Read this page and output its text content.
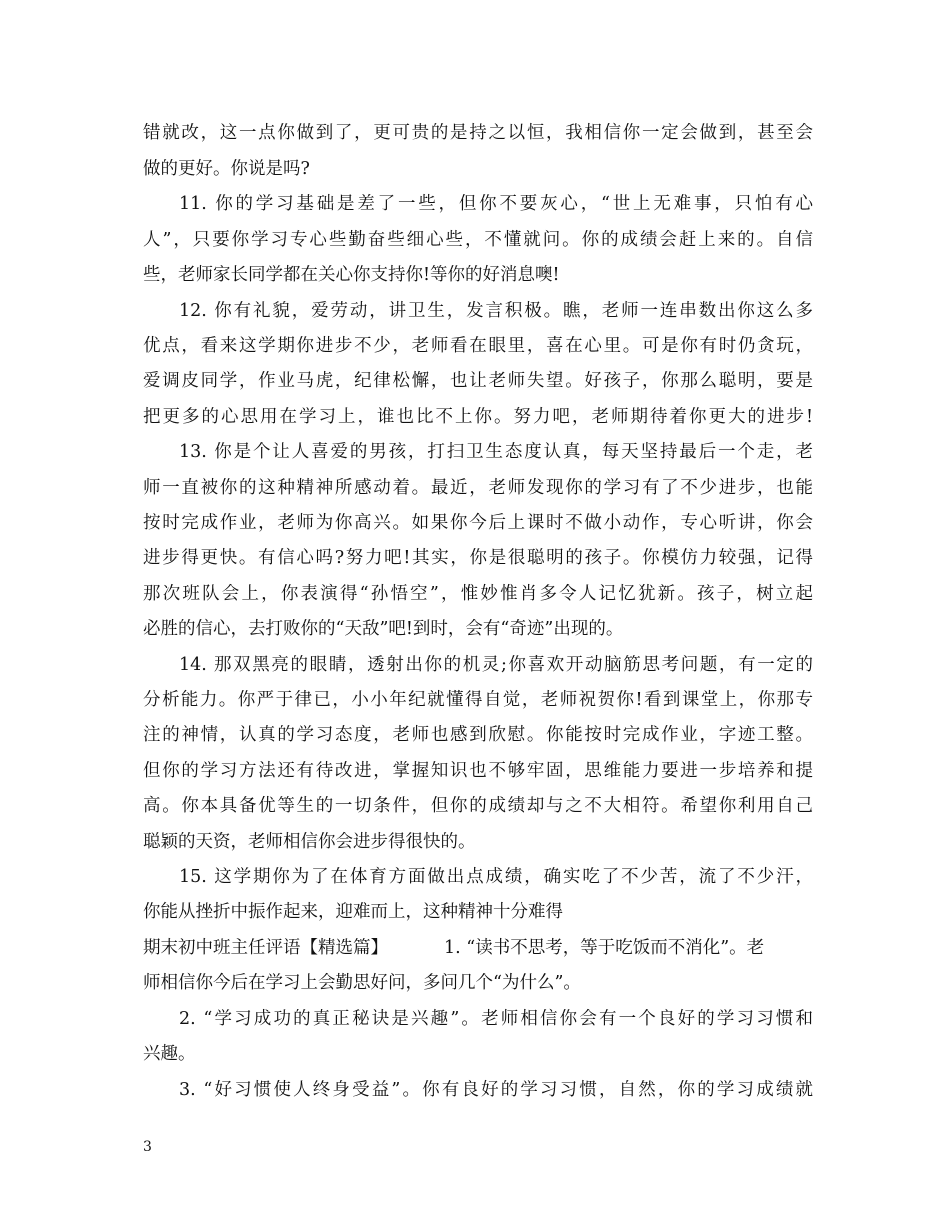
错就改，这一点你做到了，更可贵的是持之以恒，我相信你一定会做到，甚至会
做的更好。你说是吗?
11. 你的学习基础是差了一些，但你不要灰心，“世上无难事，只怕有心
人”，只要你学习专心些勤奋些细心些，不懂就问。你的成绩会赶上来的。自信
些，老师家长同学都在关心你支持你!等你的好消息噢!
12. 你有礼貌，爱劳动，讲卫生，发言积极。瞧，老师一连串数出你这么多
优点，看来这学期你进步不少，老师看在眼里，喜在心里。可是你有时仍贪玩，
爱调皮同学，作业马虎，纪律松懈，也让老师失望。好孩子，你那么聪明，要是
把更多的心思用在学习上，谁也比不上你。努力吧，老师期待着你更大的进步!
13. 你是个让人喜爱的男孩，打扫卫生态度认真，每天坚持最后一个走，老
师一直被你的这种精神所感动着。最近，老师发现你的学习有了不少进步，也能
按时完成作业，老师为你高兴。如果你今后上课时不做小动作，专心听讲，你会
进步得更快。有信心吗?努力吧!其实，你是很聪明的孩子。你模仿力较强，记得
那次班队会上，你表演得“孙悟空”，惟妙惟肖多令人记忆犹新。孩子，树立起
必胜的信心，去打败你的“天敌”吧!到时，会有“奇迹”出现的。
14. 那双黑亮的眼睛，透射出你的机灵;你喜欢开动脑筋思考问题，有一定的
分析能力。你严于律已，小小年纪就懂得自觉，老师祝贺你!看到课堂上，你那专
注的神情，认真的学习态度，老师也感到欣慰。你能按时完成作业，字迹工整。
但你的学习方法还有待改进，掌握知识也不够牢固，思维能力要进一步培养和提
高。你本具备优等生的一切条件，但你的成绩却与之不大相符。希望你利用自己
聪颖的天资，老师相信你会进步得很快的。
15. 这学期你为了在体育方面做出点成绩，确实吃了不少苦，流了不少汗，
你能从挫折中振作起来，迎难而上，这种精神十分难得
期末初中班主任评语【精选篇】	1. “读书不思考，等于吃饭而不消化”。老
师相信你今后在学习上会勤思好问，多问几个“为什么”。
2. “学习成功的真正秘诀是兴趣”。老师相信你会有一个良好的学习习惯和
兴趣。
3. “好习惯使人终身受益”。你有良好的学习习惯，自然，你的学习成绩就
3
